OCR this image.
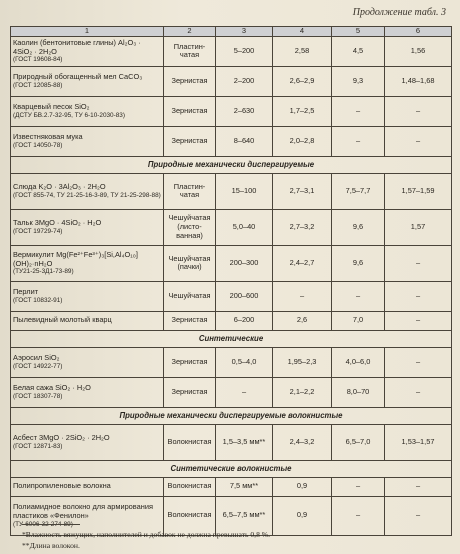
Продолжение табл. 3
1	2	3	4	5	6
Каолин (бентонитовые глины) Al₂O₃ · 4SiO₂ · 2H₂O
(ГОСТ 19608-84)	Пластин-чатая	5–200	2,58	4,5	1,56
Природный обогащенный мел CaCO₃
(ГОСТ 12085-88)	Зернистая	2–200	2,6–2,9	9,3	1,48–1,68
Кварцевый песок SiO₂
(ДСТУ БВ.2.7-32-95, ТУ 6-10-2030-83)	Зернистая	2–630	1,7–2,5	–	–
Известняковая мука
(ГОСТ 14050-78)	Зернистая	8–640	2,0–2,8	–	–
Природные механически диспергируемые					
Слюда K₂O · 3Al₂O₃ · 2H₂O
(ГОСТ 855-74, ТУ 21-25-16-3-89, ТУ 21-25-298-88)	Пластин-чатая	15–100	2,7–3,1	7,5–7,7	1,57–1,59
Тальк 3MgO · 4SiO₂ · H₂O
(ГОСТ 19729-74)	Чешуйчатая (листо-ванная)	5,0–40	2,7–3,2	9,6	1,57
Вермикулит Mg(Fe²⁺Fe³⁺)₃[Si,Al₄O₁₀](OH)₂·nH₂O
(ТУ21-25-3Д1-73-89)	Чешуйчатая (пачки)	200–300	2,4–2,7	9,6	–
Перлит
(ГОСТ 10832-91)	Чешуйчатая	200–600	–	–	–
Пылевидный молотый кварц	Зернистая	6–200	2,6	7,0	–
Синтетические					
Аэросил SiO₂
(ГОСТ 14922-77)	Зернистая	0,5–4,0	1,95–2,3	4,0–6,0	–
Белая сажа SiO₂ · H₂O
(ГОСТ 18307-78)	Зернистая	–	2,1–2,2	8,0–70	–
Природные механически диспергируемые волокнистые					
Асбест 3MgO · 2SiO₂ · 2H₂O
(ГОСТ 12871-83)	Волокнистая	1,5–3,5 мм**	2,4–3,2	6,5–7,0	1,53–1,57
Синтетические волокнистые					
Полипропиленовые волокна	Волокнистая	7,5 мм**	0,9	–	–
Полиамидное волокно для армирования пластиков «Фенилон»
(ТУ-6006-32-274-89)	Волокнистая	6,5–7,5 мм**	0,9	–	–
*Влажность вяжущих, наполнителей и добавок не должна превышать 0,8 %.
**Длина волокон.
